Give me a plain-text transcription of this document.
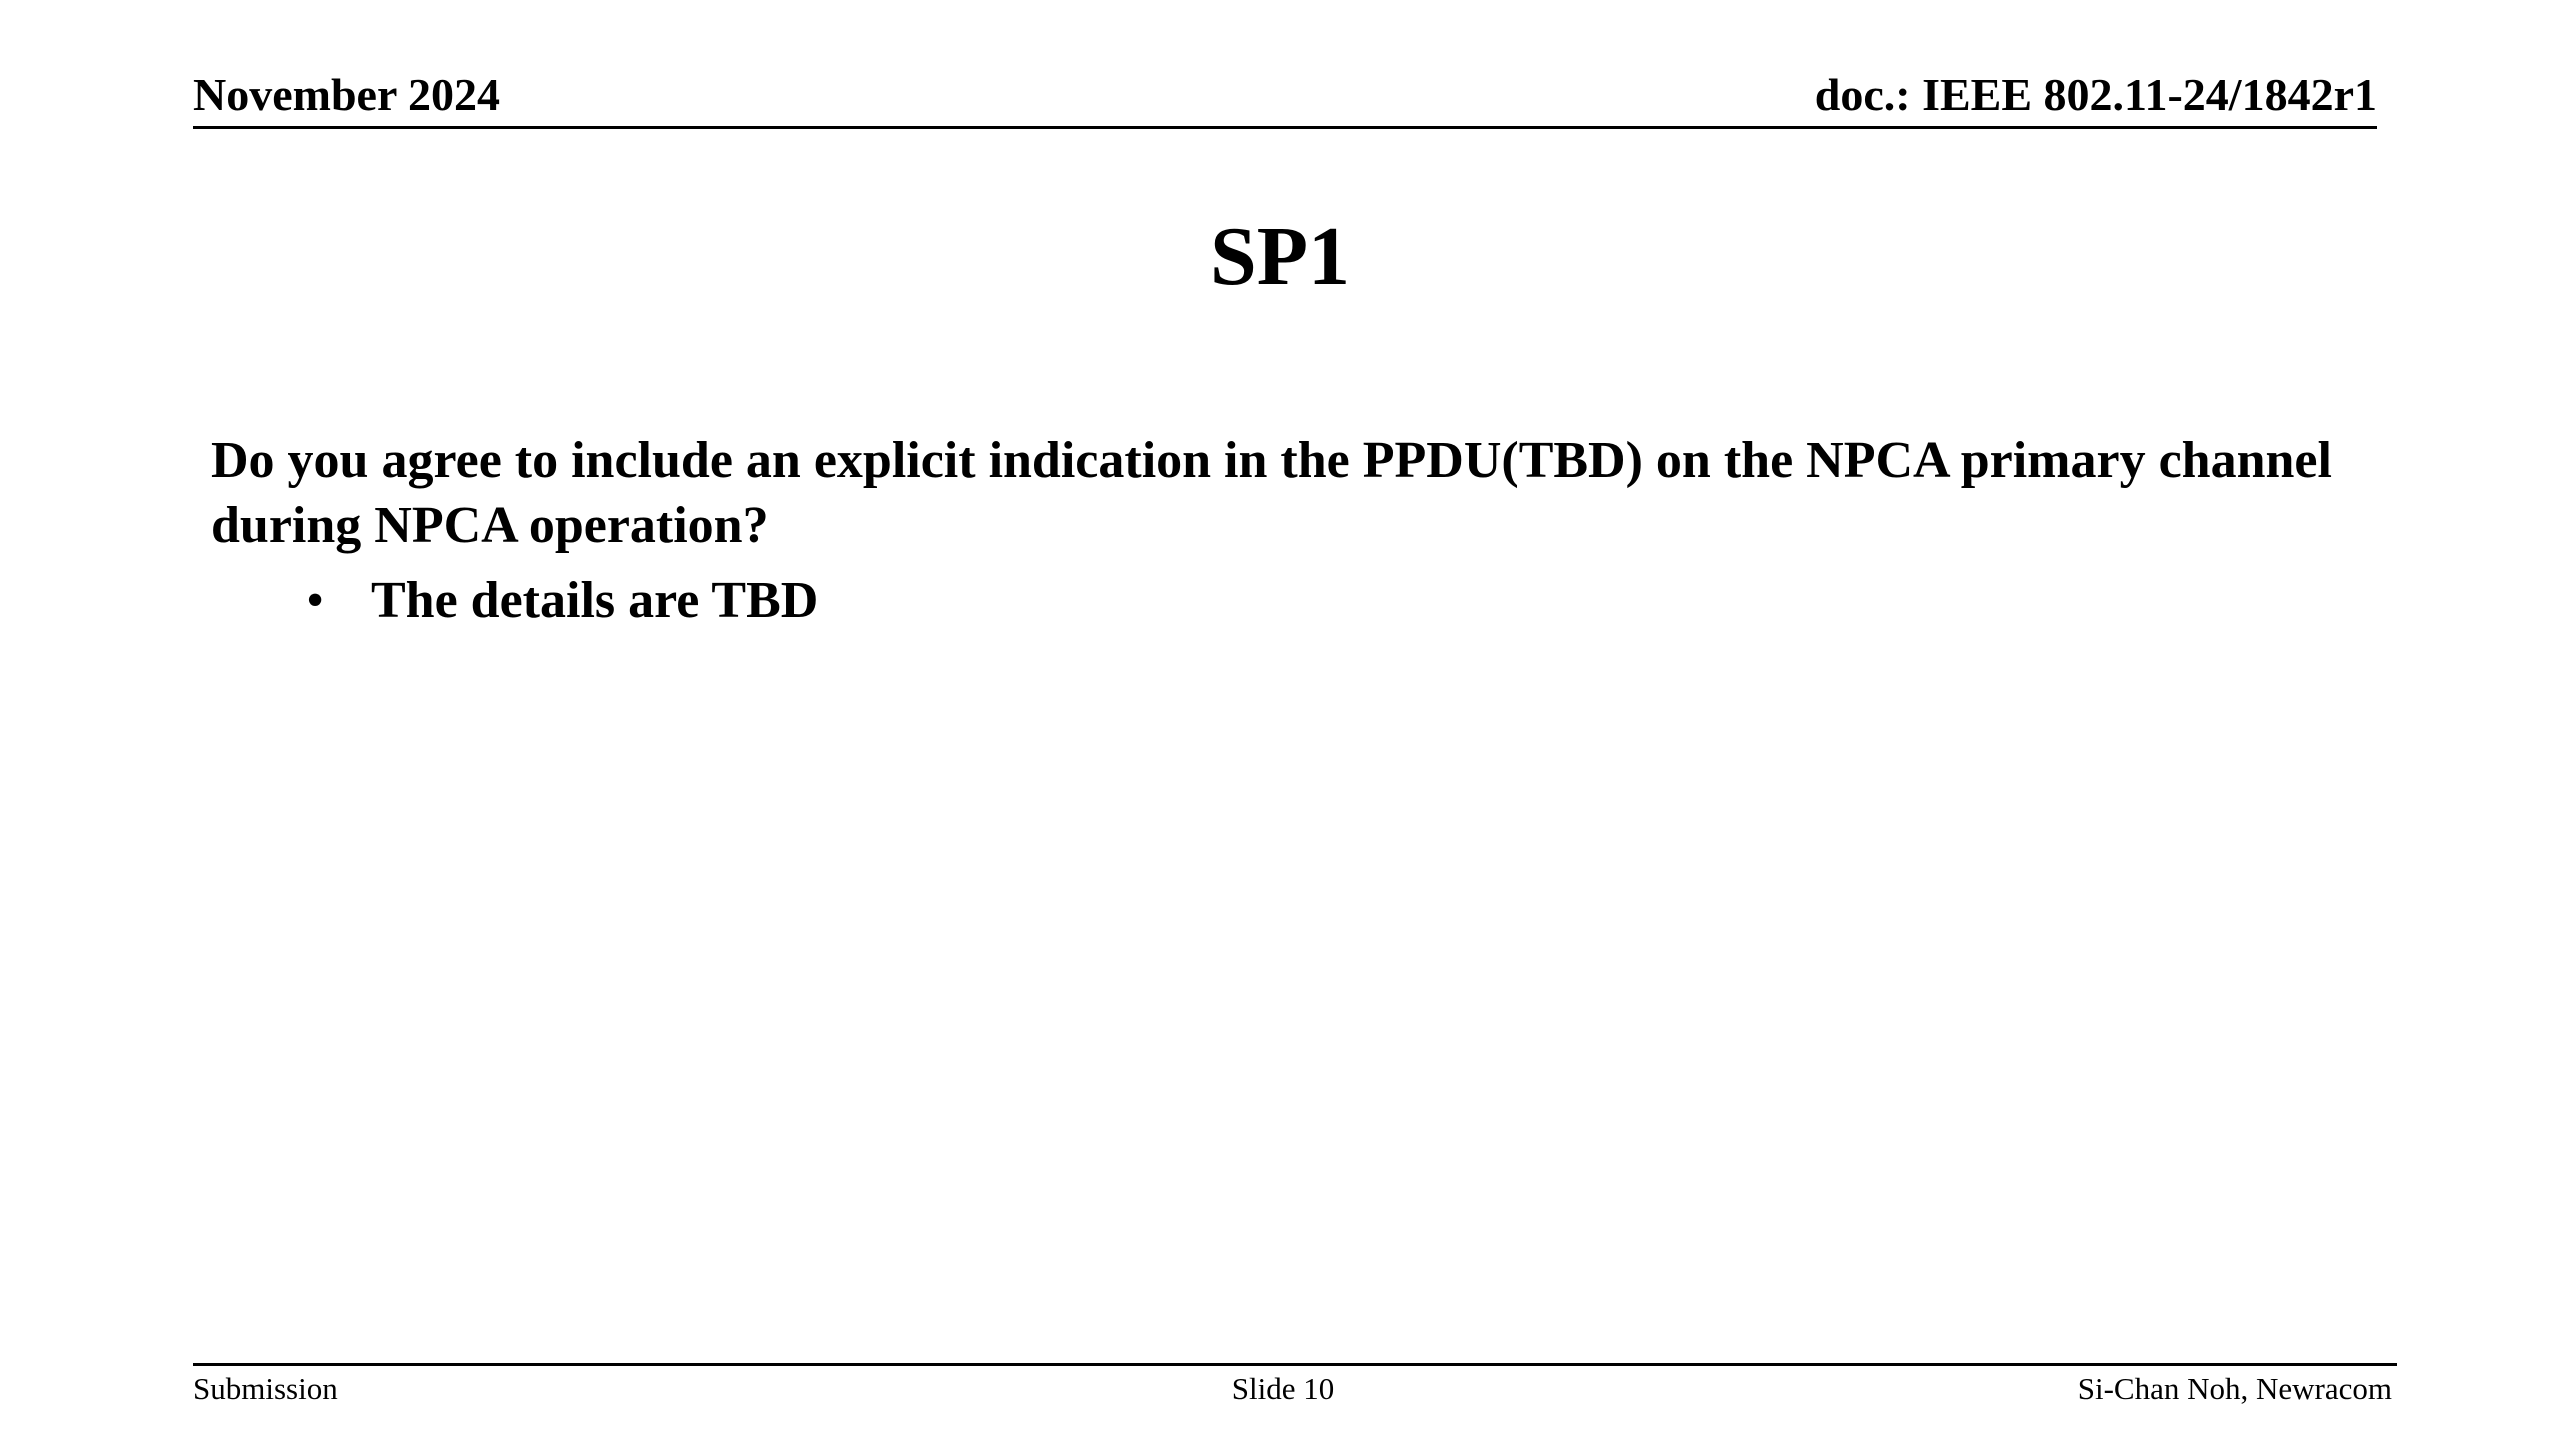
November 2024	doc.: IEEE 802.11-24/1842r1
SP1

Do you agree to include an explicit indication in the PPDU(TBD) on the NPCA primary channel during NPCA operation?

• The details are TBD
Submission	Slide 10	Si-Chan Noh, Newracom
